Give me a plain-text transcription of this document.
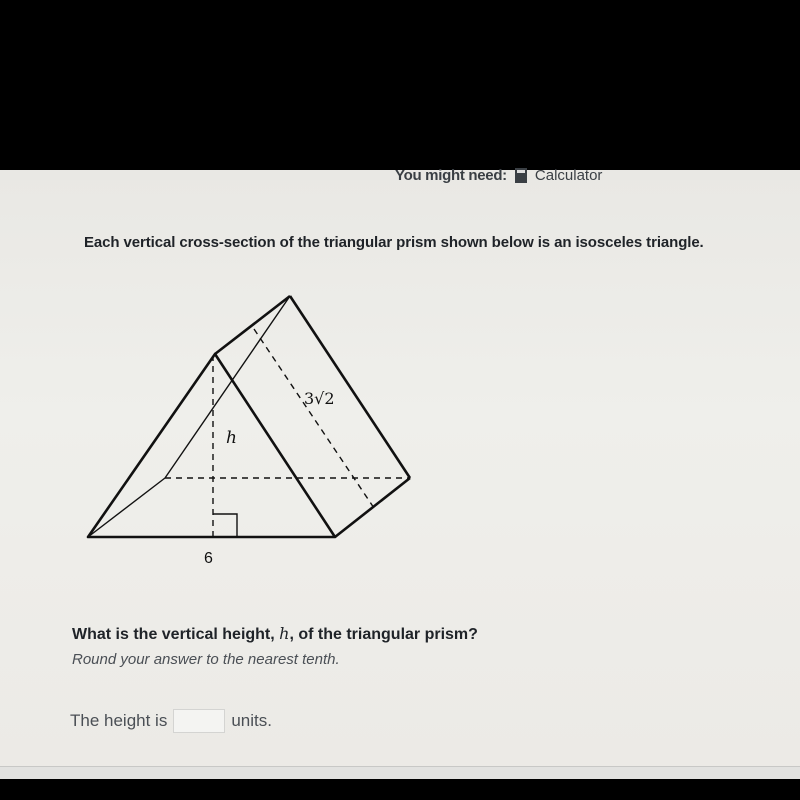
You might need: Calculator
Each vertical cross-section of the triangular prism shown below is an isosceles triangle.
h
3√2
6
What is the vertical height, h, of the triangular prism?
Round your answer to the nearest tenth.
The height is	units.
